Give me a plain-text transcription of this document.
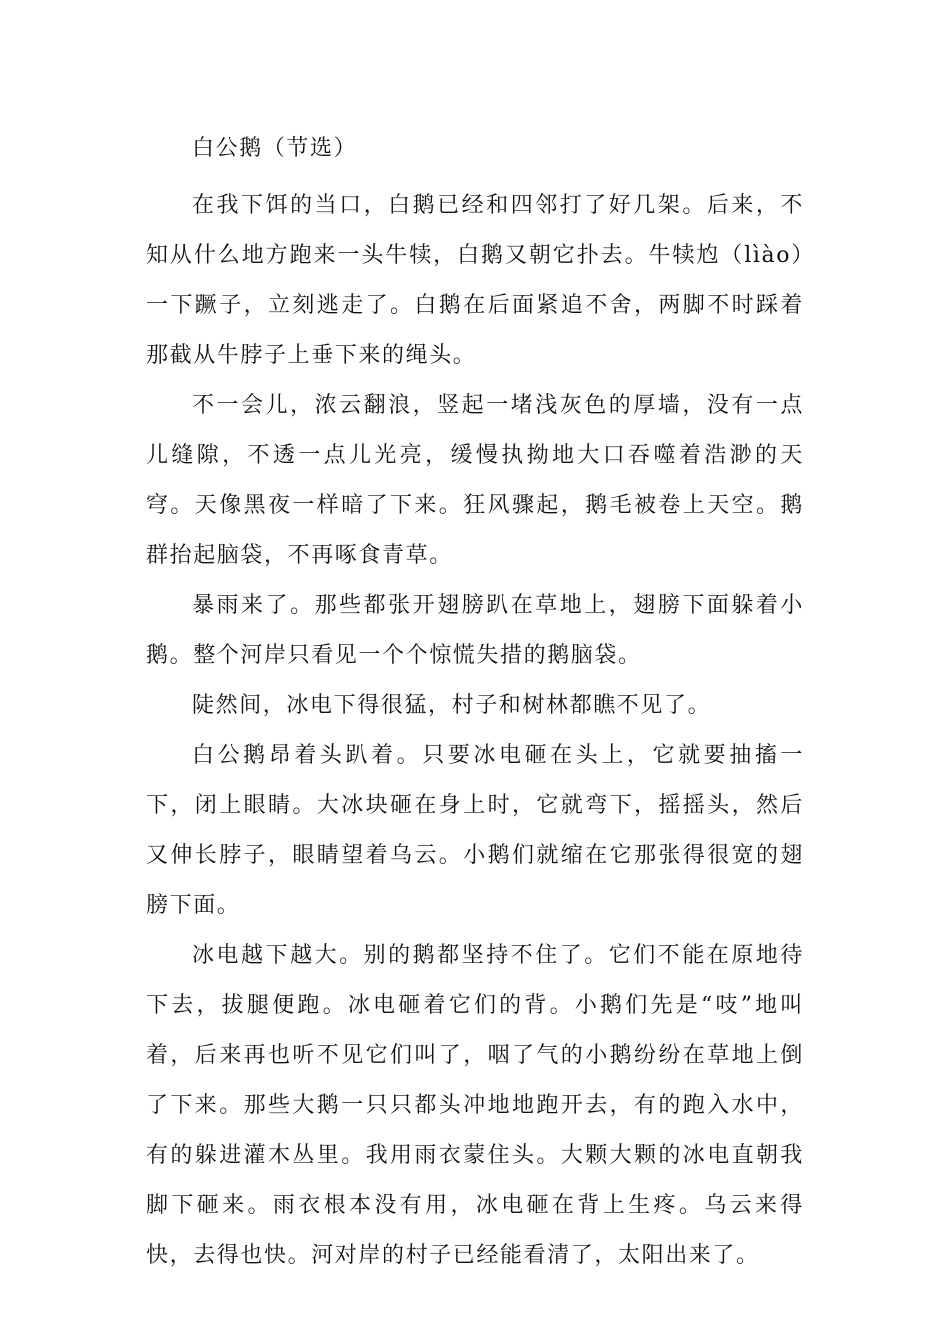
白公鹅（节选）

在我下饵的当口，白鹅已经和四邻打了好几架。后来，不知从什么地方跑来一头牛犊，白鹅又朝它扑去。牛犊尥（lìào）一下蹶子，立刻逃走了。白鹅在后面紧追不舍，两脚不时踩着那截从牛脖子上垂下来的绳头。

不一会儿，浓云翻浪，竖起一堵浅灰色的厚墙，没有一点儿缝隙，不透一点儿光亮，缓慢执拗地大口吞噬着浩渺的天穹。天像黑夜一样暗了下来。狂风骤起，鹅毛被卷上天空。鹅群抬起脑袋，不再啄食青草。

暴雨来了。那些都张开翅膀趴在草地上，翅膀下面躲着小鹅。整个河岸只看见一个个惊慌失措的鹅脑袋。

陡然间，冰电下得很猛，村子和树林都瞧不见了。

白公鹅昂着头趴着。只要冰电砸在头上，它就要抽搐一下，闭上眼睛。大冰块砸在身上时，它就弯下，摇摇头，然后又伸长脖子，眼睛望着乌云。小鹅们就缩在它那张得很宽的翅膀下面。

冰电越下越大。别的鹅都坚持不住了。它们不能在原地待下去，拔腿便跑。冰电砸着它们的背。小鹅们先是“吱”地叫着，后来再也听不见它们叫了，咽了气的小鹅纷纷在草地上倒了下来。那些大鹅一只只都头冲地地跑开去，有的跑入水中，有的躲进灌木丛里。我用雨衣蒙住头。大颗大颗的冰电直朝我脚下砸来。雨衣根本没有用，冰电砸在背上生疼。乌云来得快，去得也快。河对岸的村子已经能看清了，太阳出来了。
